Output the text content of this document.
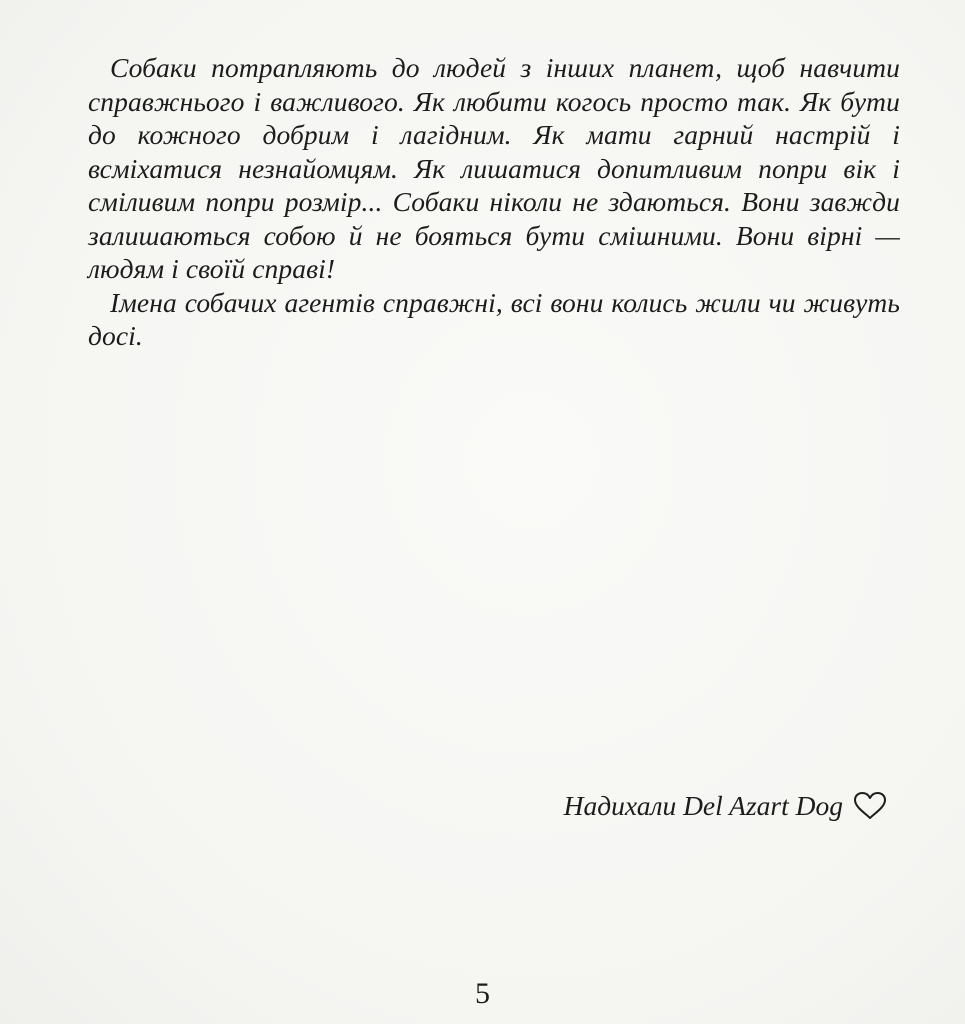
Собаки потрапляють до людей з інших планет, щоб навчити справжнього і важливого. Як любити когось просто так. Як бути до кожного добрим і лагідним. Як мати гарний настрій і всміхатися незнайомцям. Як лишатися допитливим попри вік і сміливим попри розмір... Собаки ніколи не здаються. Вони завжди залишаються собою й не бояться бути смішними. Вони вірні — людям і своїй справі!

Імена собачих агентів справжні, всі вони колись жили чи живуть досі.

Надихали Del Azart Dog
5
